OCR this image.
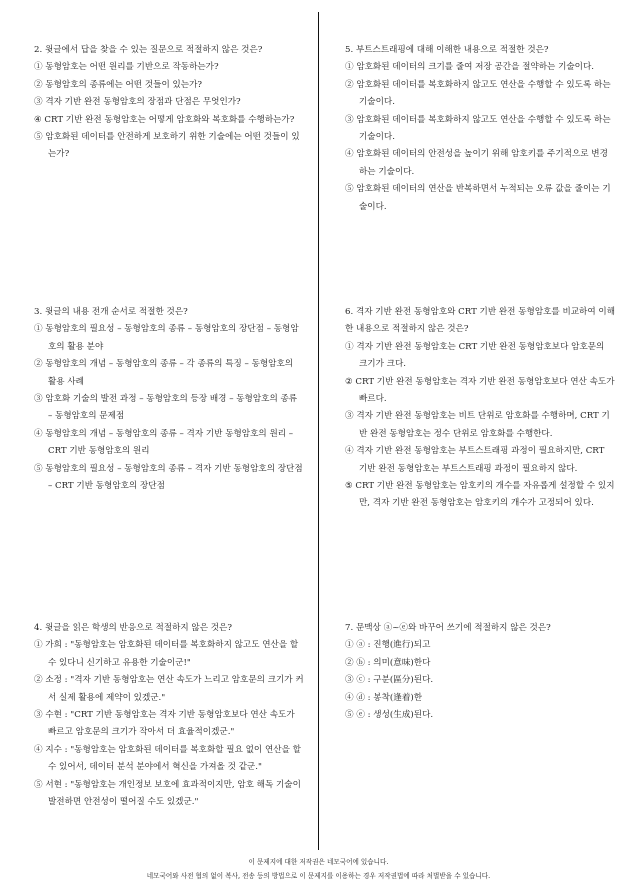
2. 윗글에서 답을 찾을 수 있는 질문으로 적절하지 않은 것은?

① 동형암호는 어떤 원리를 기반으로 작동하는가?

② 동형암호의 종류에는 어떤 것들이 있는가?

③ 격자 기반 완전 동형암호의 장점과 단점은 무엇인가?

④ CRT 기반 완전 동형암호는 어떻게 암호화와 복호화를 수행하는가?

⑤ 암호화된 데이터를 안전하게 보호하기 위한 기술에는 어떤 것들이 있는가?

3. 윗글의 내용 전개 순서로 적절한 것은?

① 동형암호의 필요성 – 동형암호의 종류 – 동형암호의 장단점 – 동형암호의 활용 분야

② 동형암호의 개념 – 동형암호의 종류 – 각 종류의 특징 – 동형암호의 활용 사례

③ 암호화 기술의 발전 과정 – 동형암호의 등장 배경 – 동형암호의 종류 – 동형암호의 문제점

④ 동형암호의 개념 – 동형암호의 종류 – 격자 기반 동형암호의 원리 – CRT 기반 동형암호의 원리

⑤ 동형암호의 필요성 – 동형암호의 종류 – 격자 기반 동형암호의 장단점 – CRT 기반 동형암호의 장단점

4. 윗글을 읽은 학생의 반응으로 적절하지 않은 것은?

① 가희 : "동형암호는 암호화된 데이터를 복호화하지 않고도 연산을 할 수 있다니 신기하고 유용한 기술이군!"

② 소정 : "격자 기반 동형암호는 연산 속도가 느리고 암호문의 크기가 커서 실제 활용에 제약이 있겠군."

③ 수현 : "CRT 기반 동형암호는 격자 기반 동형암호보다 연산 속도가 빠르고 암호문의 크기가 작아서 더 효율적이겠군."

④ 지수 : "동형암호는 암호화된 데이터를 복호화할 필요 없이 연산을 할 수 있어서, 데이터 분석 분야에서 혁신을 가져올 것 같군."

⑤ 서현 : "동형암호는 개인정보 보호에 효과적이지만, 암호 해독 기술이 발전하면 안전성이 떨어질 수도 있겠군."

5. 부트스트래핑에 대해 이해한 내용으로 적절한 것은?

① 암호화된 데이터의 크기를 줄여 저장 공간을 절약하는 기술이다.

② 암호화된 데이터를 복호화하지 않고도 연산을 수행할 수 있도록 하는 기술이다.

③ 암호화된 데이터를 복호화하지 않고도 연산을 수행할 수 있도록 하는 기술이다.

④ 암호화된 데이터의 안전성을 높이기 위해 암호키를 주기적으로 변경하는 기술이다.

⑤ 암호화된 데이터의 연산을 반복하면서 누적되는 오류 값을 줄이는 기술이다.

6. 격자 기반 완전 동형암호와 CRT 기반 완전 동형암호를 비교하여 이해한 내용으로 적절하지 않은 것은?

① 격자 기반 완전 동형암호는 CRT 기반 완전 동형암호보다 암호문의 크기가 크다.

② CRT 기반 완전 동형암호는 격자 기반 완전 동형암호보다 연산 속도가 빠르다.

③ 격자 기반 완전 동형암호는 비트 단위로 암호화를 수행하며, CRT 기반 완전 동형암호는 정수 단위로 암호화를 수행한다.

④ 격자 기반 완전 동형암호는 부트스트래핑 과정이 필요하지만, CRT 기반 완전 동형암호는 부트스트래핑 과정이 필요하지 않다.

⑤ CRT 기반 완전 동형암호는 암호키의 개수를 자유롭게 설정할 수 있지만, 격자 기반 완전 동형암호는 암호키의 개수가 고정되어 있다.

7. 문맥상 ⓐ~ⓔ와 바꾸어 쓰기에 적절하지 않은 것은?

① ⓐ : 진행(進行)되고

② ⓑ : 의미(意味)한다

③ ⓒ : 구분(區分)된다.

④ ⓓ : 봉착(逢着)한

⑤ ⓔ : 생성(生成)된다.

이 문제지에 대한 저작권은 네모국어에 있습니다.
네모국어와 사전 협의 없이 복사, 전송 등의 방법으로 이 문제지를 이용하는 경우 저작권법에 따라 처벌받을 수 있습니다.
